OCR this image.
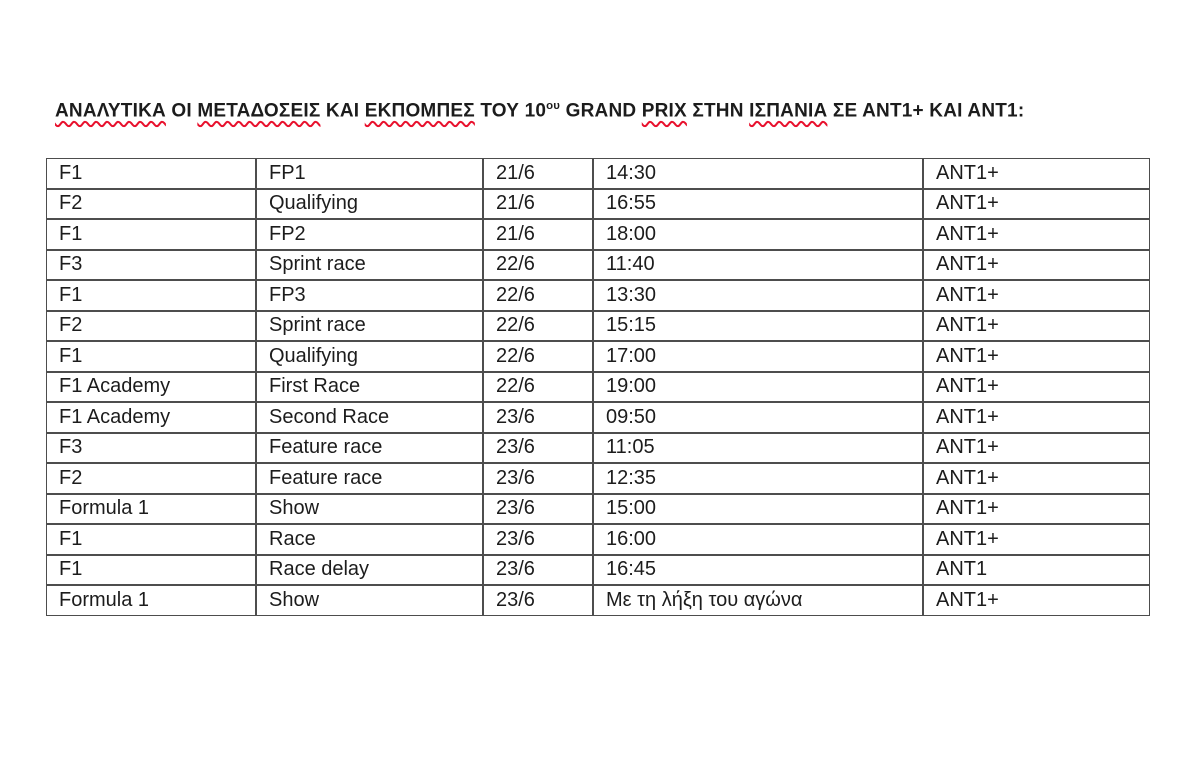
ΑΝΑΛΥΤΙΚΑ ΟΙ ΜΕΤΑΔΟΣΕΙΣ ΚΑΙ ΕΚΠΟΜΠΕΣ ΤΟΥ $10^{o\upsilon}$ GRAND PRIX ΣΤΗΝ ΙΣΠΑΝΙΑ ΣΕ ΑΝΤ1+ ΚΑΙ ΑΝΤ1:
F1	FP1	21/6	14:30	ANT1+
F2	Qualifying	21/6	16:55	ANT1+
F1	FP2	21/6	18:00	ANT1+
F3	Sprint race	22/6	11:40	ANT1+
F1	FP3	22/6	13:30	ANT1+
F2	Sprint race	22/6	15:15	ANT1+
F1	Qualifying	22/6	17:00	ANT1+
F1 Academy	First Race	22/6	19:00	ANT1+
F1 Academy	Second Race	23/6	09:50	ANT1+
F3	Feature race	23/6	11:05	ANT1+
F2	Feature race	23/6	12:35	ANT1+
Formula 1	Show	23/6	15:00	ANT1+
F1	Race	23/6	16:00	ANT1+
F1	Race delay	23/6	16:45	ANT1
Formula 1	Show	23/6	Με τη λήξη του αγώνα	ANT1+
